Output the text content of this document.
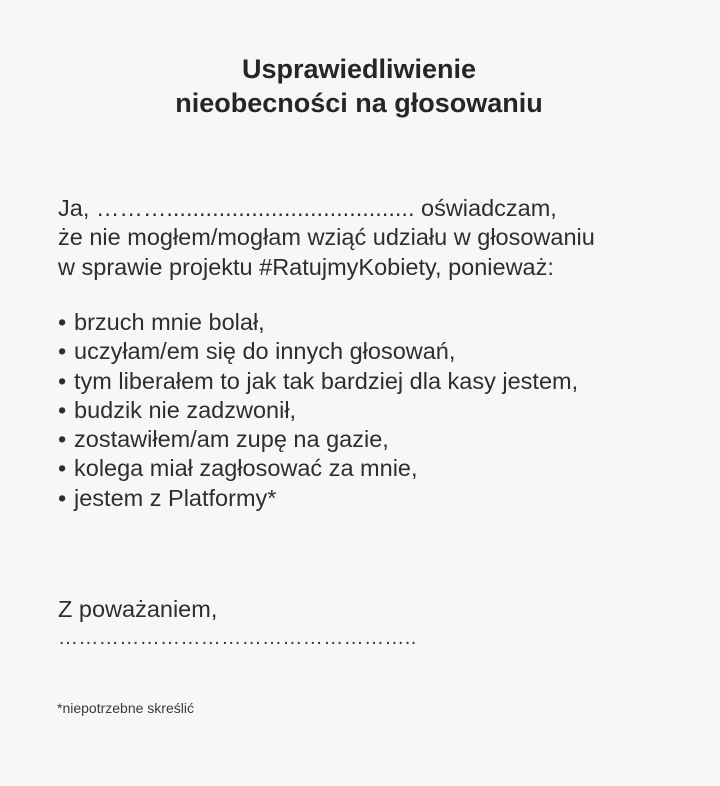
Usprawiedliwienie
nieobecności na głosowaniu
Ja, ………...................................... oświadczam,
że nie mogłem/mogłam wziąć udziału w głosowaniu
w sprawie projektu #RatujmyKobiety, ponieważ:
• brzuch mnie bolał,
• uczyłam/em się do innych głosowań,
• tym liberałem to jak tak bardziej dla kasy jestem,
• budzik nie zadzwonił,
• zostawiłem/am zupę na gazie,
• kolega miał zagłosować za mnie,
• jestem z Platformy*
Z poważaniem,
……………………………………………..
*niepotrzebne skreślić
